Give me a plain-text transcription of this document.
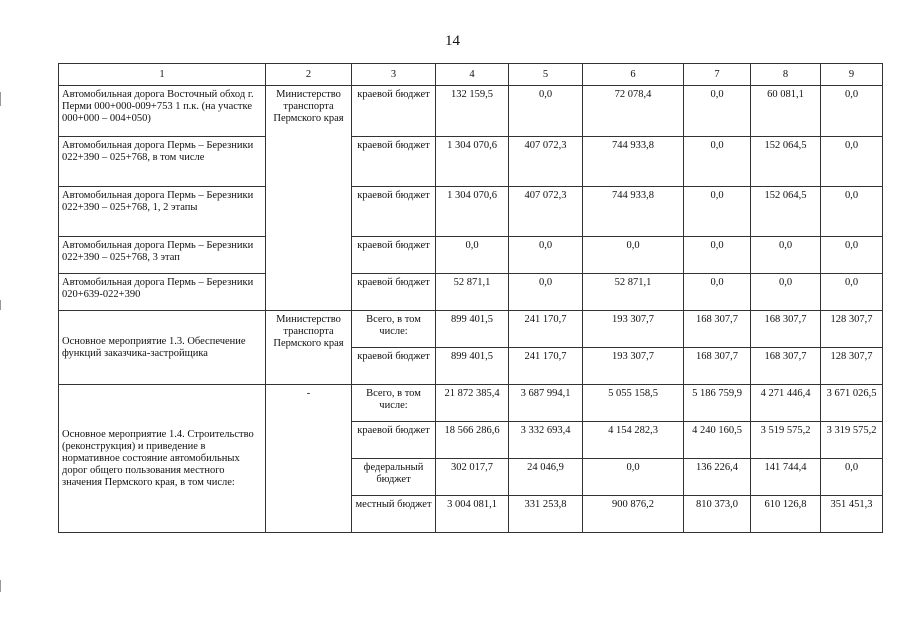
14
1	2	3	4	5	6	7	8	9
Автомобильная дорога Восточный обход г. Перми 000+000-009+753 1 п.к. (на участке 000+000 – 004+050)	Министерство транспорта Пермского края	краевой бюджет	132 159,5	0,0	72 078,4	0,0	60 081,1	0,0
Автомобильная дорога Пермь – Березники 022+390 – 025+768, в том числе		краевой бюджет	1 304 070,6	407 072,3	744 933,8	0,0	152 064,5	0,0
Автомобильная дорога Пермь – Березники 022+390 – 025+768, 1, 2 этапы		краевой бюджет	1 304 070,6	407 072,3	744 933,8	0,0	152 064,5	0,0
Автомобильная дорога Пермь – Березники 022+390 – 025+768, 3 этап		краевой бюджет	0,0	0,0	0,0	0,0	0,0	0,0
Автомобильная дорога Пермь – Березники 020+639-022+390		краевой бюджет	52 871,1	0,0	52 871,1	0,0	0,0	0,0
Основное мероприятие 1.3. Обеспечение функций заказчика-застройщика	Министерство транспорта Пермского края	Всего, в том числе:	899 401,5	241 170,7	193 307,7	168 307,7	168 307,7	128 307,7
		краевой бюджет	899 401,5	241 170,7	193 307,7	168 307,7	168 307,7	128 307,7
Основное мероприятие 1.4. Строительство (реконструкция) и приведение в нормативное состояние автомобильных дорог общего пользования местного значения Пермского края, в том числе:	-	Всего, в том числе:	21 872 385,4	3 687 994,1	5 055 158,5	5 186 759,9	4 271 446,4	3 671 026,5
		краевой бюджет	18 566 286,6	3 332 693,4	4 154 282,3	4 240 160,5	3 519 575,2	3 319 575,2
		федеральный бюджет	302 017,7	24 046,9	0,0	136 226,4	141 744,4	0,0
		местный бюджет	3 004 081,1	331 253,8	900 876,2	810 373,0	610 126,8	351 451,3
